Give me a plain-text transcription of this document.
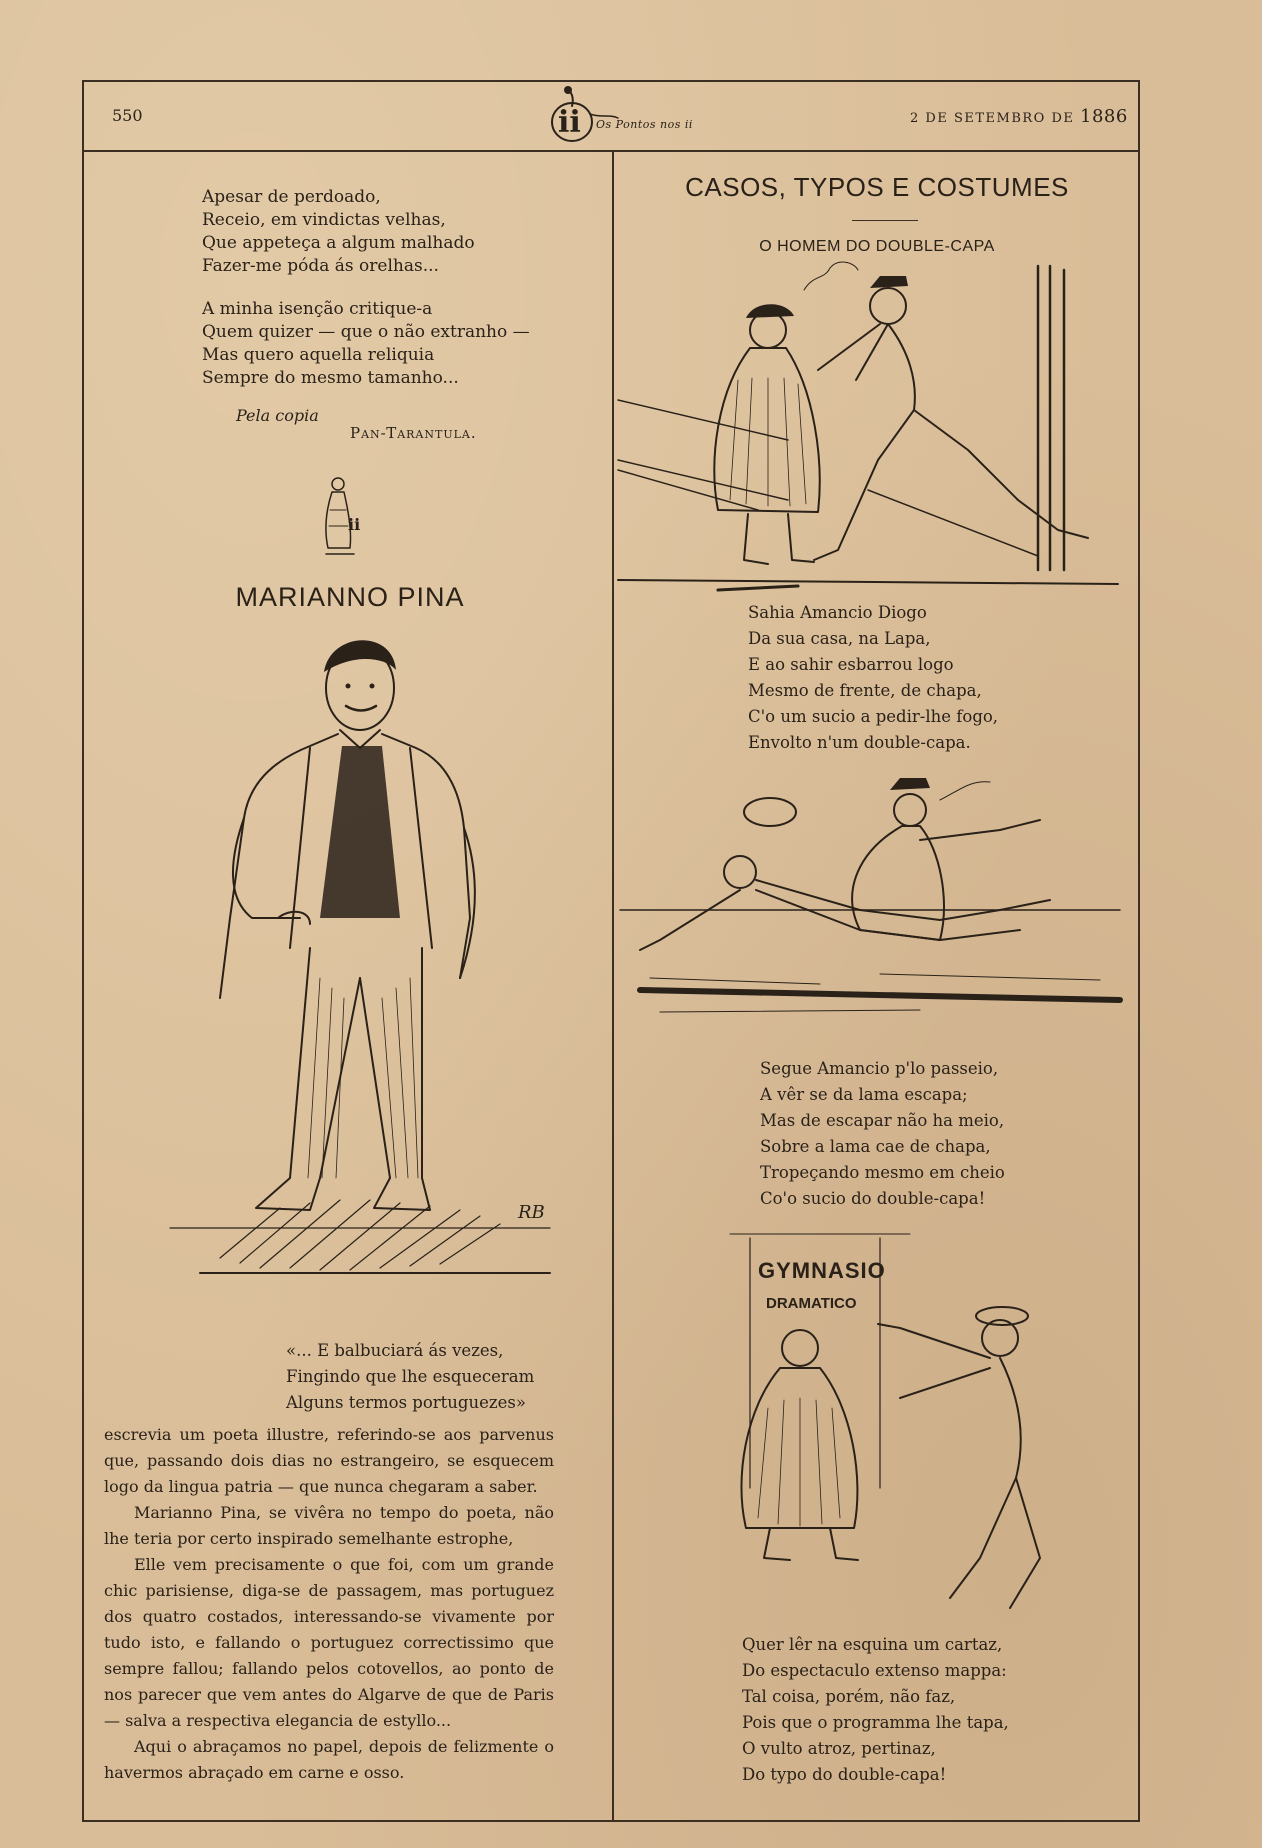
550	ii Os Pontos nos ii	2 DE SETEMBRO DE 1886
Apesar de perdoado,
Receio, em vindictas velhas,
Que appeteça a algum malhado
Fazer-me póda ás orelhas...
A minha isenção critique-a
Quem quizer — que o não extranho —
Mas quero aquella reliquia
Sempre do mesmo tamanho...
Pela copia
Pan-Tarantula.
ii
MARIANNO PINA
RB
«... E balbuciará ás vezes,
Fingindo que lhe esqueceram
Alguns termos portuguezes»

escrevia um poeta illustre, referindo-se aos parvenus que, passando dois dias no estrangeiro, se esquecem logo da lingua patria — que nunca chegaram a saber.

Marianno Pina, se vivêra no tempo do poeta, não lhe teria por certo inspirado semelhante estrophe,

Elle vem precisamente o que foi, com um grande chic parisiense, diga-se de passagem, mas portuguez dos quatro costados, interessando-se vivamente por tudo isto, e fallando o portuguez correctissimo que sempre fallou; fallando pelos cotovellos, ao ponto de nos parecer que vem antes do Algarve de que de Paris — salva a respectiva elegancia de estyllo...

Aqui o abraçamos no papel, depois de felizmente o havermos abraçado em carne e osso.

CASOS, TYPOS E COSTUMES
O HOMEM DO DOUBLE-CAPA
Sahia Amancio Diogo
Da sua casa, na Lapa,
E ao sahir esbarrou logo
Mesmo de frente, de chapa,
C'o um sucio a pedir-lhe fogo,
Envolto n'um double-capa.
Segue Amancio p'lo passeio,
A vêr se da lama escapa;
Mas de escapar não ha meio,
Sobre a lama cae de chapa,
Tropeçando mesmo em cheio
Co'o sucio do double-capa!
GYMNASIO
DRAMATICO
Quer lêr na esquina um cartaz,
Do espectaculo extenso mappa:
Tal coisa, porém, não faz,
Pois que o programma lhe tapa,
O vulto atroz, pertinaz,
Do typo do double-capa!
